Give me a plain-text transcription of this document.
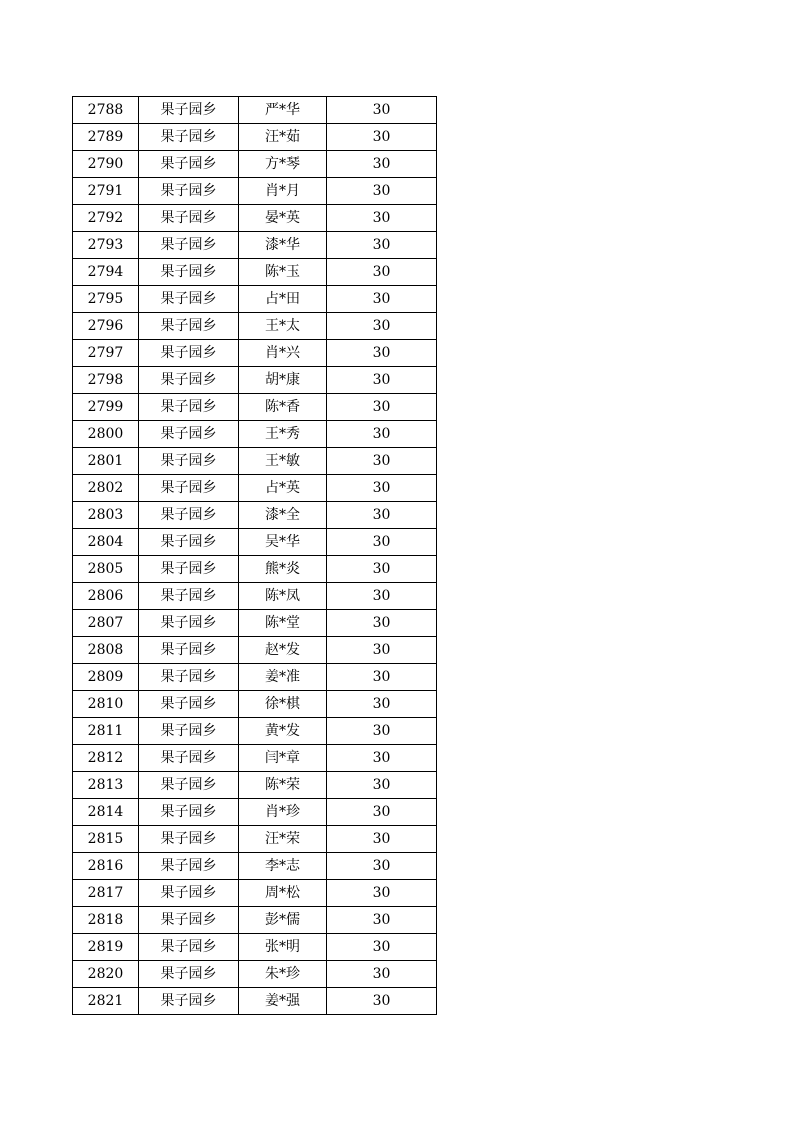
2788	果子园乡	严*华	30
2789	果子园乡	汪*茹	30
2790	果子园乡	方*琴	30
2791	果子园乡	肖*月	30
2792	果子园乡	晏*英	30
2793	果子园乡	漆*华	30
2794	果子园乡	陈*玉	30
2795	果子园乡	占*田	30
2796	果子园乡	王*太	30
2797	果子园乡	肖*兴	30
2798	果子园乡	胡*康	30
2799	果子园乡	陈*香	30
2800	果子园乡	王*秀	30
2801	果子园乡	王*敏	30
2802	果子园乡	占*英	30
2803	果子园乡	漆*全	30
2804	果子园乡	吴*华	30
2805	果子园乡	熊*炎	30
2806	果子园乡	陈*凤	30
2807	果子园乡	陈*堂	30
2808	果子园乡	赵*发	30
2809	果子园乡	姜*准	30
2810	果子园乡	徐*棋	30
2811	果子园乡	黄*发	30
2812	果子园乡	闫*章	30
2813	果子园乡	陈*荣	30
2814	果子园乡	肖*珍	30
2815	果子园乡	汪*荣	30
2816	果子园乡	李*志	30
2817	果子园乡	周*松	30
2818	果子园乡	彭*儒	30
2819	果子园乡	张*明	30
2820	果子园乡	朱*珍	30
2821	果子园乡	姜*强	30
